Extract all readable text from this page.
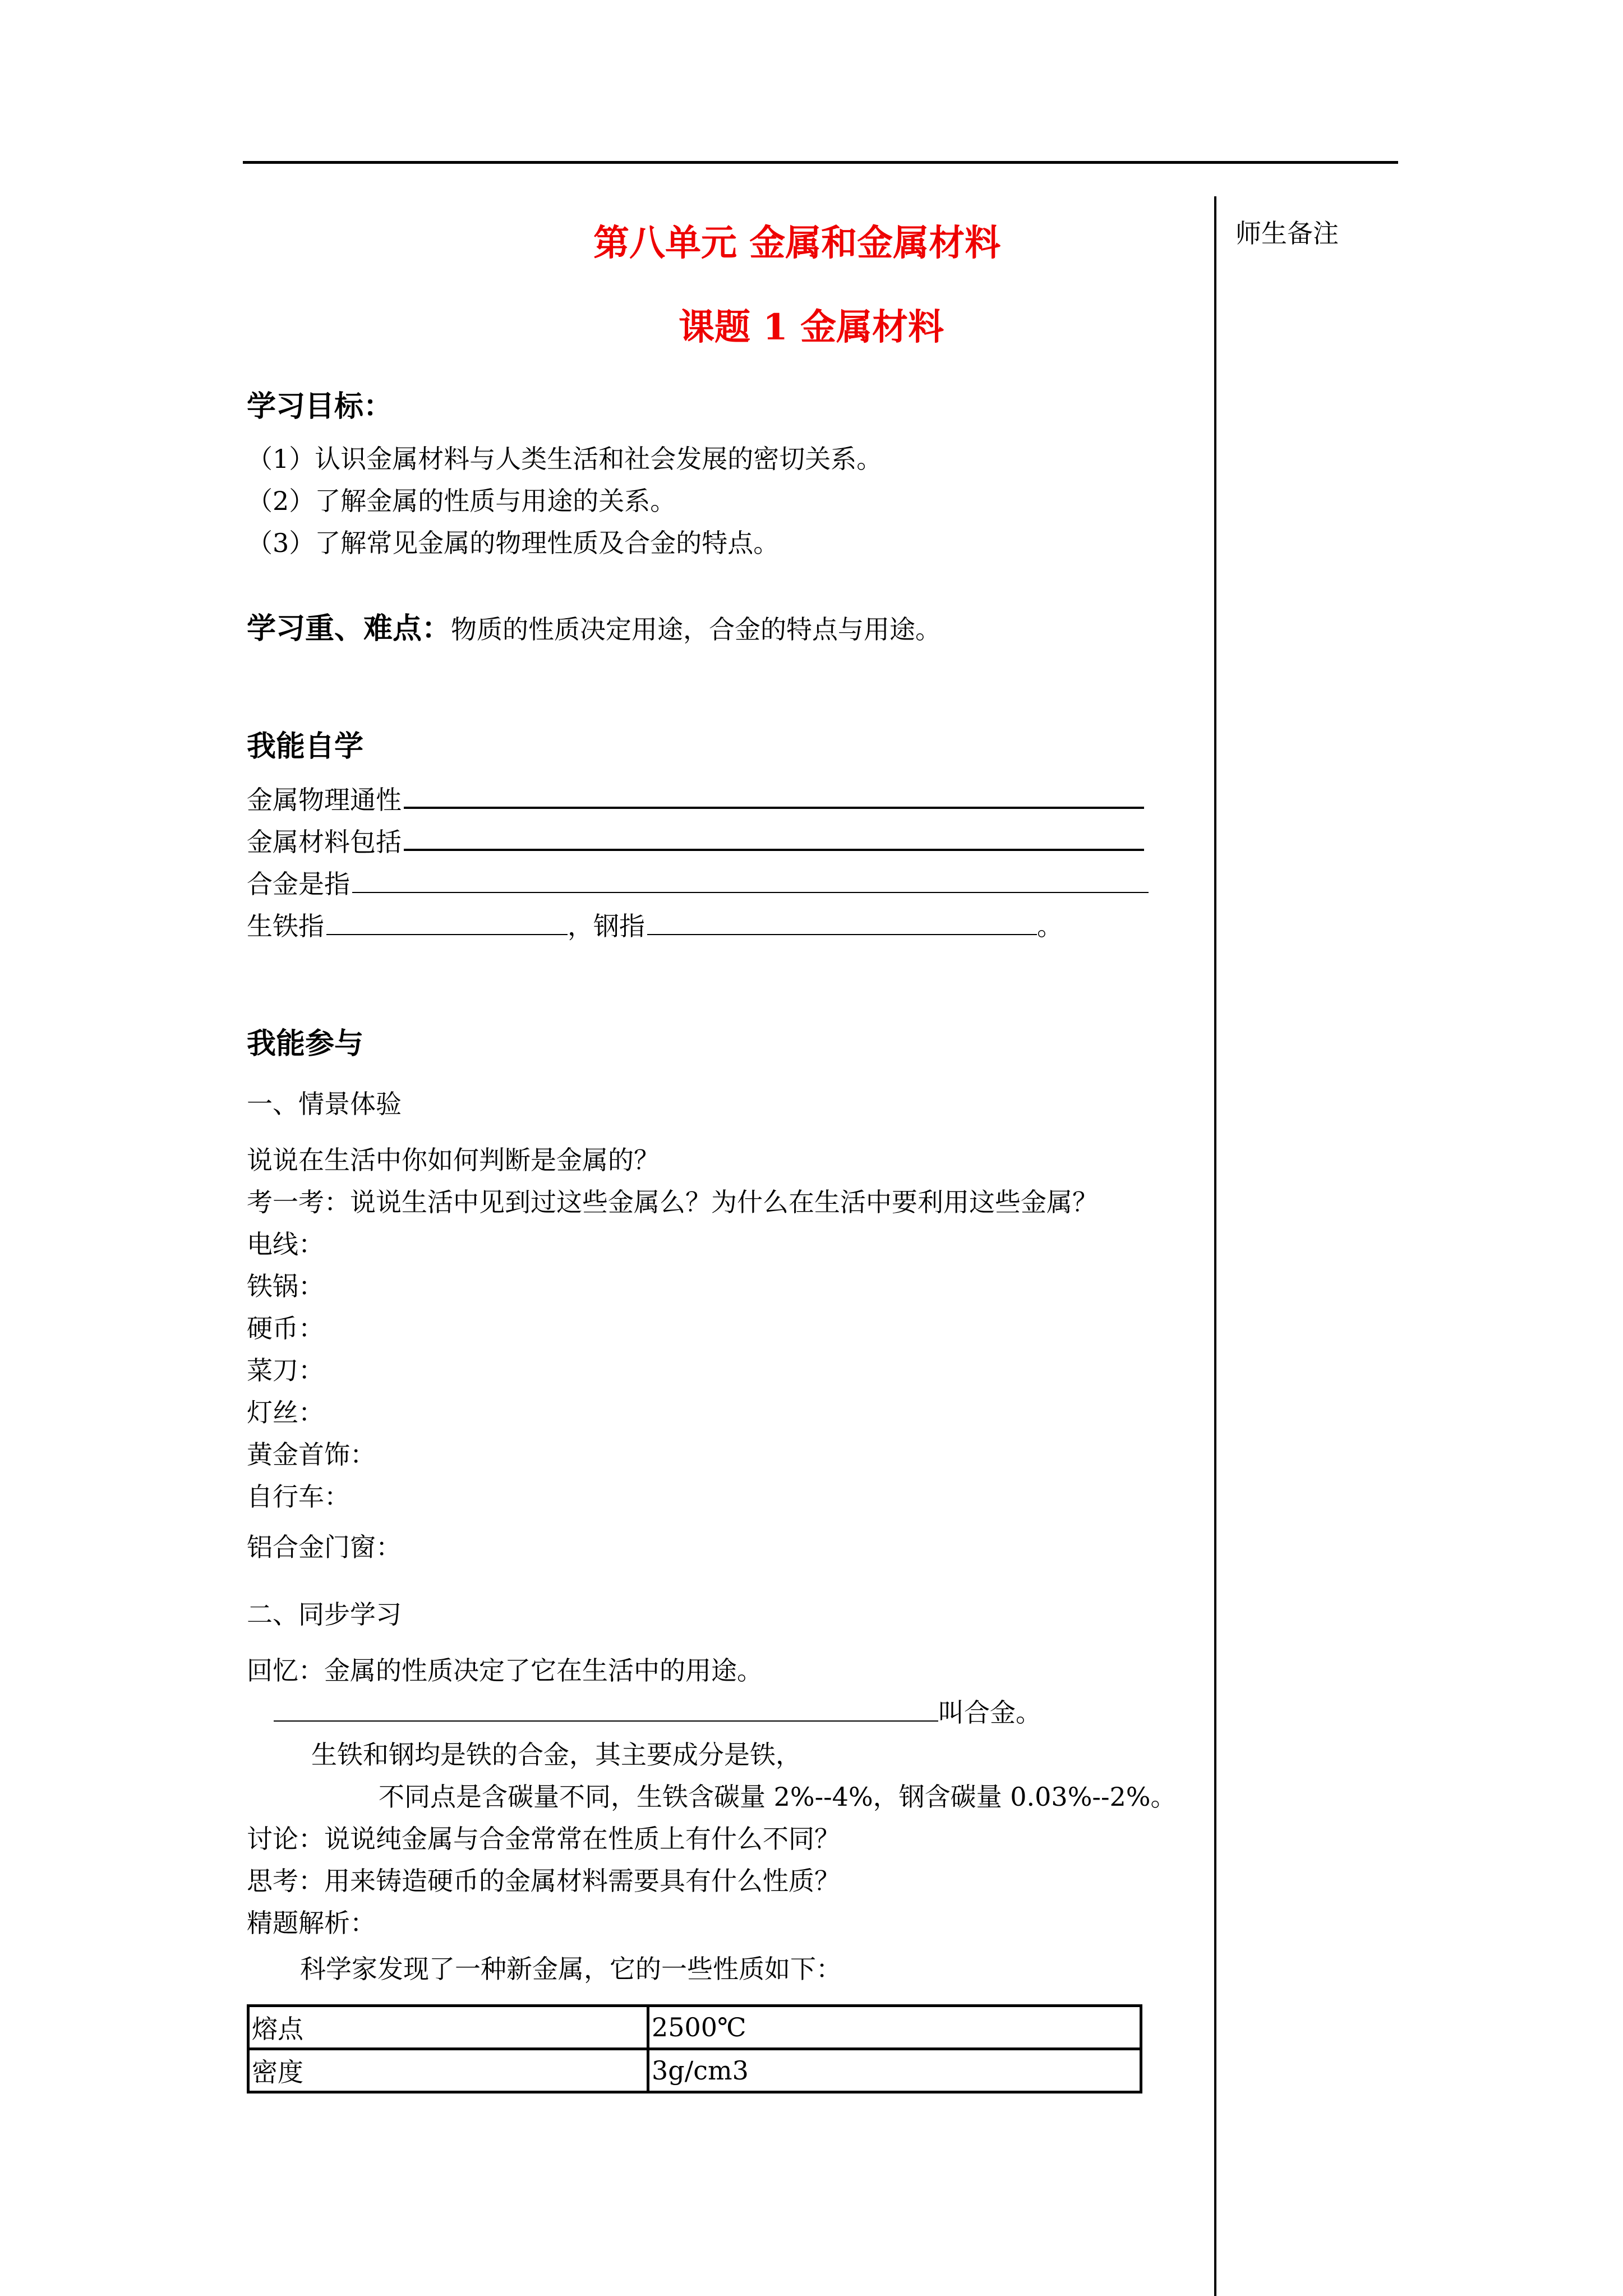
师生备注
第八单元 金属和金属材料
课题 1 金属材料
学习目标：
（1）认识金属材料与人类生活和社会发展的密切关系。
（2）了解金属的性质与用途的关系。
（3）了解常见金属的物理性质及合金的特点。
学习重、难点：物质的性质决定用途，合金的特点与用途。
我能自学
金属物理通性
金属材料包括
合金是指
生铁指	，钢指	。
我能参与
一、情景体验
说说在生活中你如何判断是金属的？
考一考：说说生活中见到过这些金属么？为什么在生活中要利用这些金属？
电线：
铁锅：
硬币：
菜刀：
灯丝：
黄金首饰：
自行车：
铝合金门窗：
二、同步学习
回忆：金属的性质决定了它在生活中的用途。
叫合金。
生铁和钢均是铁的合金，其主要成分是铁，
不同点是含碳量不同，生铁含碳量 2%--4%，钢含碳量 0.03%--2%。
讨论：说说纯金属与合金常常在性质上有什么不同？
思考：用来铸造硬币的金属材料需要具有什么性质？
精题解析：
科学家发现了一种新金属，它的一些性质如下：
熔点	2500℃
密度	3g/cm3
